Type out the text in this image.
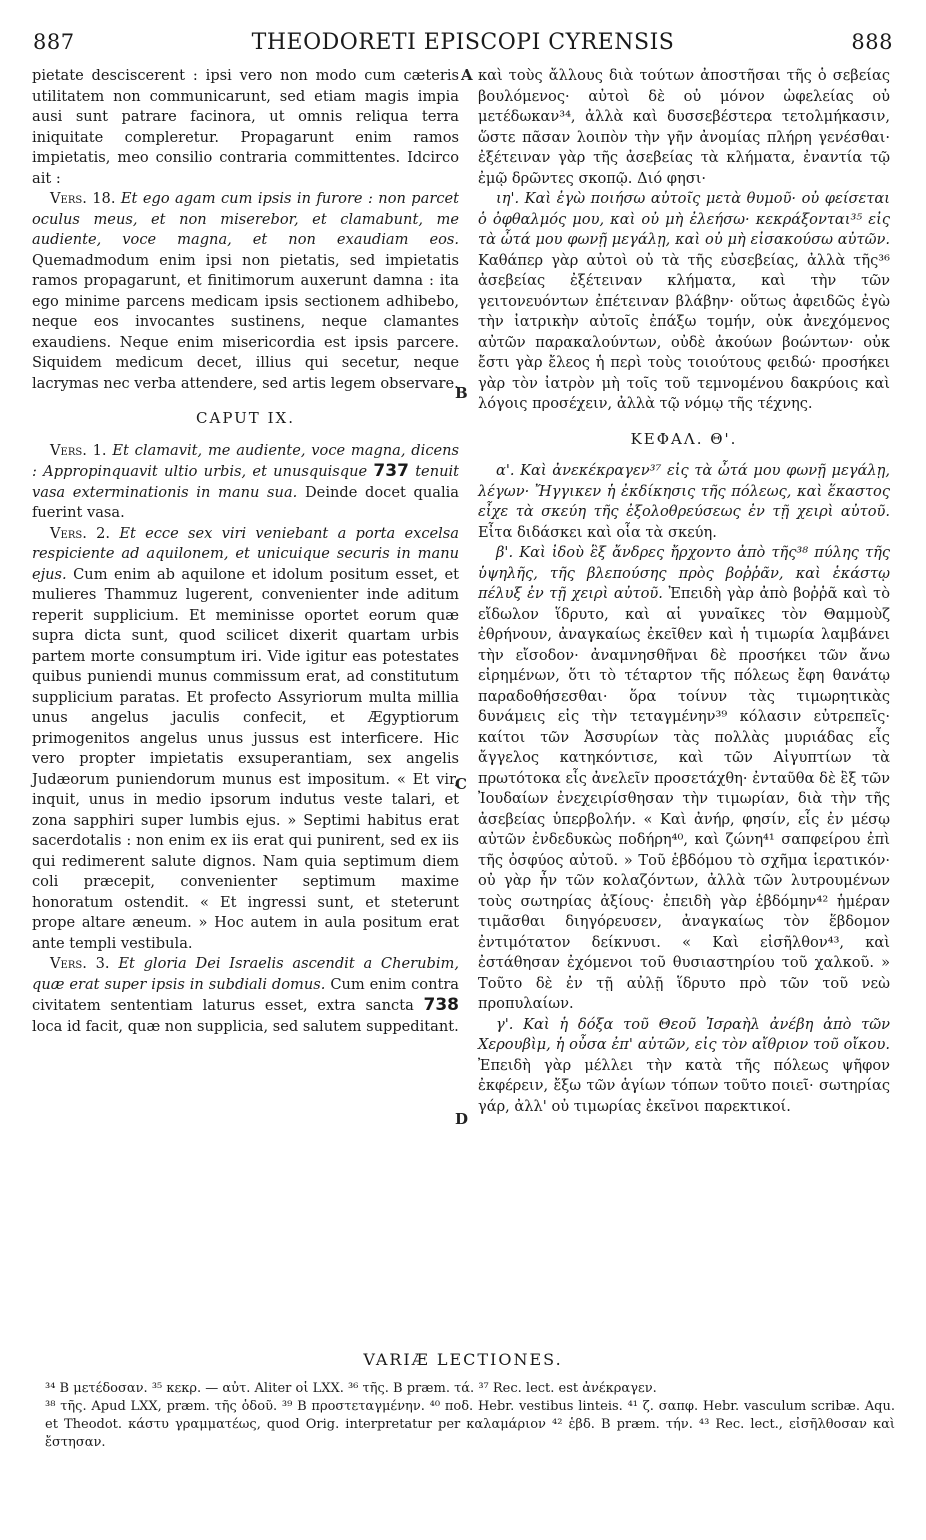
887	THEODORETI EPISCOPI CYRENSIS	888
A
B
C
D

pietate desciscerent : ipsi vero non modo cum cæteris utilitatem non communicarunt, sed etiam magis impia ausi sunt patrare facinora, ut omnis reliqua terra iniquitate compleretur. Propagarunt enim ramos impietatis, meo consilio contraria committentes. Idcirco ait :

Vers. 18. Et ego agam cum ipsis in furore : non parcet oculus meus, et non miserebor, et clamabunt, me audiente, voce magna, et non exaudiam eos. Quemadmodum enim ipsi non pietatis, sed impietatis ramos propagarunt, et finitimorum auxerunt damna : ita ego minime parcens medicam ipsis sectionem adhibebo, neque eos invocantes sustinens, neque clamantes exaudiens. Neque enim misericordia est ipsis parcere. Siquidem medicum decet, illius qui secetur, neque lacrymas nec verba attendere, sed artis legem observare.

CAPUT IX.

Vers. 1. Et clamavit, me audiente, voce magna, dicens : Appropinquavit ultio urbis, et unusquisque 737 tenuit vasa exterminationis in manu sua. Deinde docet qualia fuerint vasa.

Vers. 2. Et ecce sex viri veniebant a porta excelsa respiciente ad aquilonem, et unicuique securis in manu ejus. Cum enim ab aquilone et idolum positum esset, et mulieres Thammuz lugerent, convenienter inde aditum reperit supplicium. Et meminisse oportet eorum quæ supra dicta sunt, quod scilicet dixerit quartam urbis partem morte consumptum iri. Vide igitur eas potestates quibus puniendi munus commissum erat, ad constitutum supplicium paratas. Et profecto Assyriorum multa millia unus angelus jaculis confecit, et Ægyptiorum primogenitos angelus unus jussus est interficere. Hic vero propter impietatis exsuperantiam, sex angelis Judæorum puniendorum munus est impositum. « Et vir, inquit, unus in medio ipsorum indutus veste talari, et zona sapphiri super lumbis ejus. » Septimi habitus erat sacerdotalis : non enim ex iis erat qui punirent, sed ex iis qui redimerent salute dignos. Nam quia septimum diem coli præcepit, convenienter septimum maxime honoratum ostendit. « Et ingressi sunt, et steterunt prope altare æneum. » Hoc autem in aula positum erat ante templi vestibula.

Vers. 3. Et gloria Dei Israelis ascendit a Cherubim, quæ erat super ipsis in subdiali domus. Cum enim contra civitatem sententiam laturus esset, extra sancta 738 loca id facit, quæ non supplicia, sed salutem suppeditant.

καὶ τοὺς ἄλλους διὰ τούτων ἀποστῆσαι τῆς ὁ σεβείας βουλόμενος· αὐτοὶ δὲ οὐ μόνον ὠφελείας οὐ μετέδωκαν³⁴, ἀλλὰ καὶ δυσσεβέστερα τετολμήκασιν, ὥστε πᾶσαν λοιπὸν τὴν γῆν ἀνομίας πλήρη γενέσθαι· ἐξέτειναν γὰρ τῆς ἀσεβείας τὰ κλήματα, ἐναντία τῷ ἐμῷ δρῶντες σκοπῷ. Διό φησι·

ιη'. Καὶ ἐγὼ ποιήσω αὐτοῖς μετὰ θυμοῦ· οὐ φείσεται ὁ ὀφθαλμός μου, καὶ οὐ μὴ ἐλεήσω· κεκράξονται³⁵ εἰς τὰ ὦτά μου φωνῇ μεγάλῃ, καὶ οὐ μὴ εἰσακούσω αὐτῶν. Καθάπερ γὰρ αὐτοὶ οὐ τὰ τῆς εὐσεβείας, ἀλλὰ τῆς³⁶ ἀσεβείας ἐξέτειναν κλήματα, καὶ τὴν τῶν γειτονευόντων ἐπέτειναν βλάβην· οὕτως ἀφειδῶς ἐγὼ τὴν ἰατρικὴν αὐτοῖς ἐπάξω τομήν, οὐκ ἀνεχόμενος αὐτῶν παρακαλούντων, οὐδὲ ἀκούων βοώντων· οὐκ ἔστι γὰρ ἔλεος ἡ περὶ τοὺς τοιούτους φειδώ· προσήκει γὰρ τὸν ἰατρὸν μὴ τοῖς τοῦ τεμνομένου δακρύοις καὶ λόγοις προσέχειν, ἀλλὰ τῷ νόμῳ τῆς τέχνης.

ΚΕΦΑΛ. Θ'.

α'. Καὶ ἀνεκέκραγεν³⁷ εἰς τὰ ὦτά μου φωνῇ μεγάλῃ, λέγων· Ἤγγικεν ἡ ἐκδίκησις τῆς πόλεως, καὶ ἕκαστος εἶχε τὰ σκεύη τῆς ἐξολοθρεύσεως ἐν τῇ χειρὶ αὐτοῦ. Εἶτα διδάσκει καὶ οἷα τὰ σκεύη.

β'. Καὶ ἰδοὺ ἓξ ἄνδρες ἤρχοντο ἀπὸ τῆς³⁸ πύλης τῆς ὑψηλῆς, τῆς βλεπούσης πρὸς βοῤῥᾶν, καὶ ἑκάστῳ πέλυξ ἐν τῇ χειρὶ αὐτοῦ. Ἐπειδὴ γὰρ ἀπὸ βοῤῥᾶ καὶ τὸ εἴδωλον ἵδρυτο, καὶ αἱ γυναῖκες τὸν Θαμμοὺζ ἐθρήνουν, ἀναγκαίως ἐκεῖθεν καὶ ἡ τιμωρία λαμβάνει τὴν εἴσοδον· ἀναμνησθῆναι δὲ προσήκει τῶν ἄνω εἰρημένων, ὅτι τὸ τέταρτον τῆς πόλεως ἔφη θανάτῳ παραδοθήσεσθαι· ὅρα τοίνυν τὰς τιμωρητικὰς δυνάμεις εἰς τὴν τεταγμένην³⁹ κόλασιν εὐτρεπεῖς· καίτοι τῶν Ἀσσυρίων τὰς πολλὰς μυριάδας εἷς ἄγγελος κατηκόντισε, καὶ τῶν Αἰγυπτίων τὰ πρωτότοκα εἷς ἀνελεῖν προσετάχθη· ἐνταῦθα δὲ ἓξ τῶν Ἰουδαίων ἐνεχειρίσθησαν τὴν τιμωρίαν, διὰ τὴν τῆς ἀσεβείας ὑπερβολήν. « Καὶ ἀνήρ, φησίν, εἷς ἐν μέσῳ αὐτῶν ἐνδεδυκὼς ποδήρη⁴⁰, καὶ ζώνη⁴¹ σαπφείρου ἐπὶ τῆς ὀσφύος αὐτοῦ. » Τοῦ ἑβδόμου τὸ σχῆμα ἱερατικόν· οὐ γὰρ ἦν τῶν κολαζόντων, ἀλλὰ τῶν λυτρουμένων τοὺς σωτηρίας ἀξίους· ἐπειδὴ γὰρ ἑβδόμην⁴² ἡμέραν τιμᾶσθαι διηγόρευσεν, ἀναγκαίως τὸν ἕβδομον ἐντιμότατον δείκνυσι. « Καὶ εἰσῆλθον⁴³, καὶ ἐστάθησαν ἐχόμενοι τοῦ θυσιαστηρίου τοῦ χαλκοῦ. » Τοῦτο δὲ ἐν τῇ αὐλῇ ἵδρυτο πρὸ τῶν τοῦ νεὼ προπυλαίων.

γ'. Καὶ ἡ δόξα τοῦ Θεοῦ Ἰσραὴλ ἀνέβη ἀπὸ τῶν Χερουβὶμ, ἡ οὖσα ἐπ' αὐτῶν, εἰς τὸν αἴθριον τοῦ οἴκου. Ἐπειδὴ γὰρ μέλλει τὴν κατὰ τῆς πόλεως ψῆφον ἐκφέρειν, ἔξω τῶν ἁγίων τόπων τοῦτο ποιεῖ· σωτηρίας γάρ, ἀλλ' οὐ τιμωρίας ἐκεῖνοι παρεκτικοί.

VARIÆ LECTIONES.

³⁴ B μετέδοσαν. ³⁵ κεκρ. — αὐτ. Aliter οἱ LXX. ³⁶ τῆς. B præm. τά. ³⁷ Rec. lect. est ἀνέκραγεν.

³⁸ τῆς. Apud LXX, præm. τῆς ὁδοῦ. ³⁹ B προστεταγμένην. ⁴⁰ ποδ. Hebr. vestibus linteis. ⁴¹ ζ. σαπφ. Hebr. vasculum scribæ. Aqu. et Theodot. κάστυ γραμματέως, quod Orig. interpretatur per καλαμάριον ⁴² ἑβδ. B præm. τήν. ⁴³ Rec. lect., εἰσῆλθοσαν καὶ ἔστησαν.
